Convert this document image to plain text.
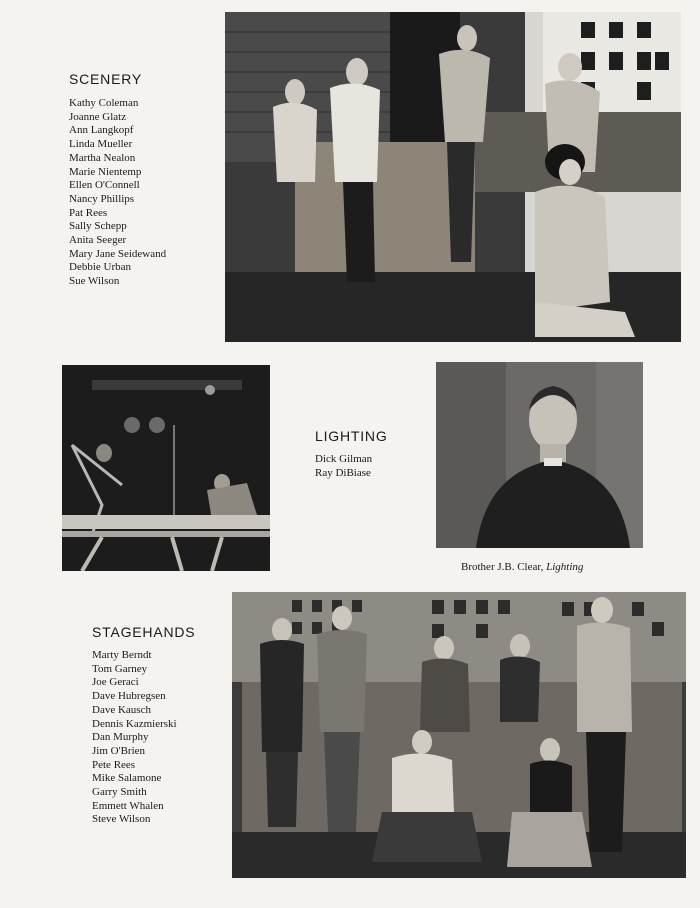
SCENERY
Kathy Coleman
Joanne Glatz
Ann Langkopf
Linda Mueller
Martha Nealon
Marie Nientemp
Ellen O'Connell
Nancy Phillips
Pat Rees
Sally Schepp
Anita Seeger
Mary Jane Seidewand
Debbie Urban
Sue Wilson
LIGHTING
Dick Gilman
Ray DiBiase
Brother J.B. Clear, Lighting
STAGEHANDS
Marty Berndt
Tom Garney
Joe Geraci
Dave Hubregsen
Dave Kausch
Dennis Kazmierski
Dan Murphy
Jim O'Brien
Pete Rees
Mike Salamone
Garry Smith
Emmett Whalen
Steve Wilson
